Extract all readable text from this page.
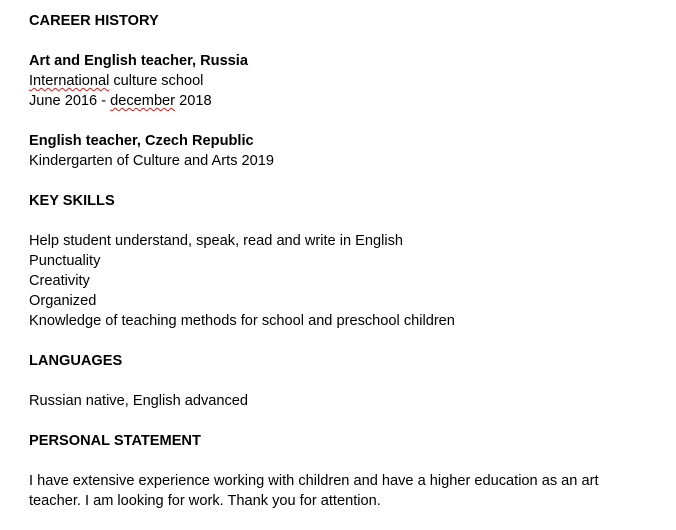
CAREER HISTORY
Art and English teacher, Russia
International culture school
June 2016 - december 2018
English teacher, Czech Republic
Kindergarten of Culture and Arts 2019
KEY SKILLS
Help student understand, speak, read and write in English
Punctuality
Creativity
Organized
Knowledge of teaching methods for school and preschool children
LANGUAGES
Russian native, English advanced
PERSONAL STATEMENT
I have extensive experience working with children and have a higher education as an art
teacher. I am looking for work. Thank you for attention.
